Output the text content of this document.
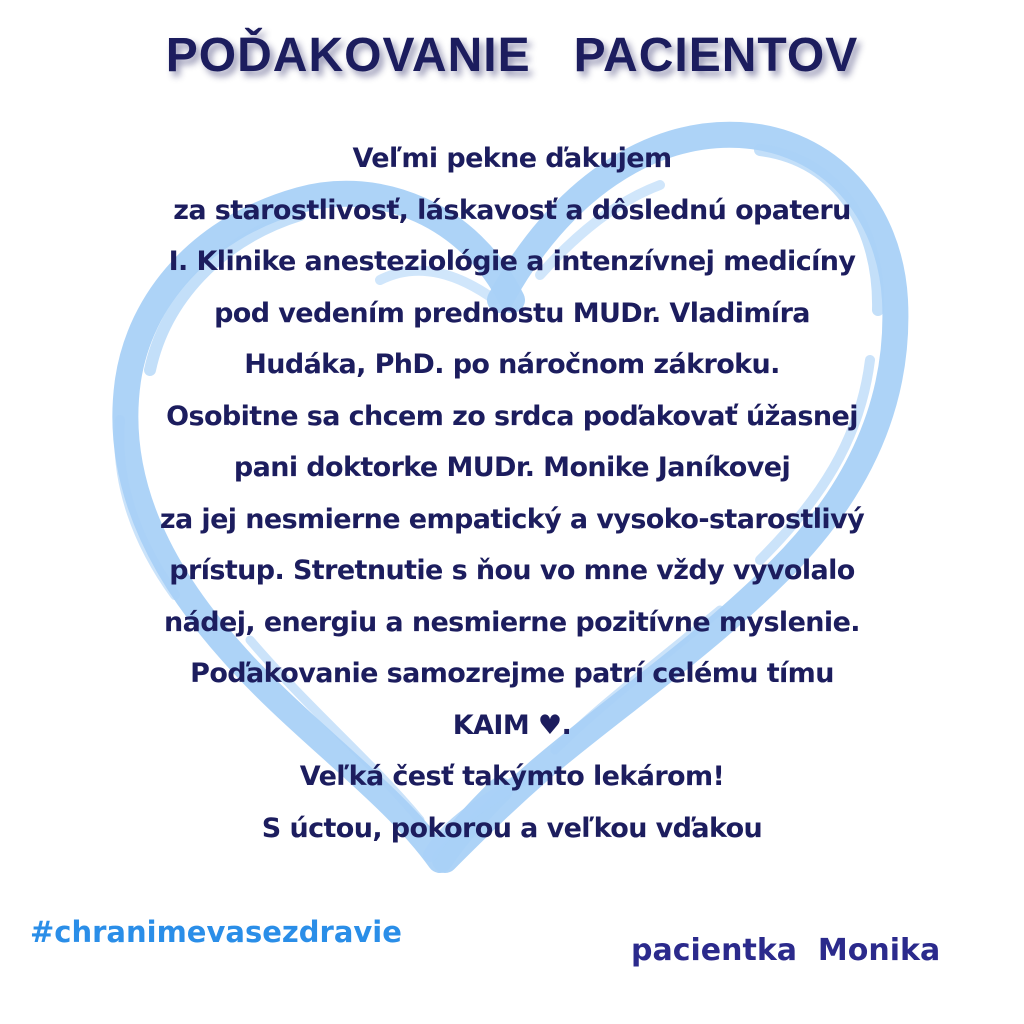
POĎAKOVANIE   PACIENTOV
Veľmi pekne ďakujem
za starostlivosť, láskavosť a dôslednú opateru
I. Klinike anesteziológie a intenzívnej medicíny
pod vedením prednostu MUDr. Vladimíra
Hudáka, PhD. po náročnom zákroku.
Osobitne sa chcem zo srdca poďakovať úžasnej
pani doktorke MUDr. Monike Janíkovej
za jej nesmierne empatický a vysoko-starostlivý
prístup. Stretnutie s ňou vo mne vždy vyvolalo
nádej, energiu a nesmierne pozitívne myslenie.
Poďakovanie samozrejme patrí celému tímu
KAIM ♥.
Veľká česť takýmto lekárom!
S úctou, pokorou a veľkou vďakou
#chranimevasezdravie
pacientka  Monika
